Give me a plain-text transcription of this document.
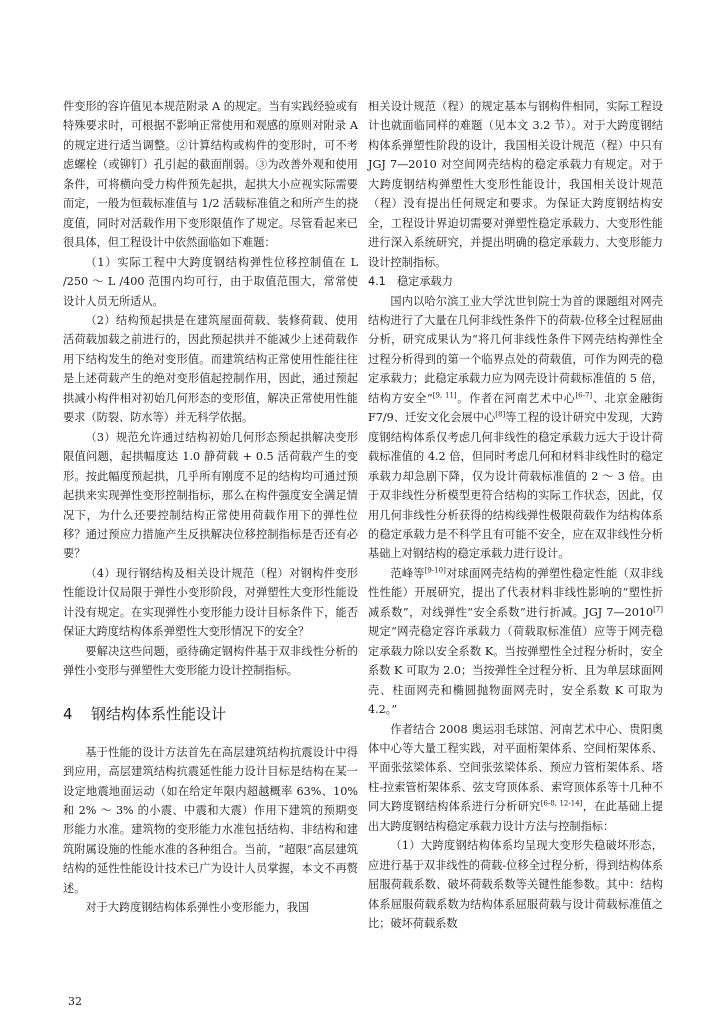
件变形的容许值见本规范附录 A 的规定。当有实践经验或有特殊要求时，可根据不影响正常使用和观感的原则对附录 A 的规定进行适当调整。②计算结构或构件的变形时，可不考虑螺栓（或铆钉）孔引起的截面削弱。③为改善外观和使用条件，可将横向受力构件预先起拱，起拱大小应视实际需要而定，一般为恒载标准值与 1/2 活载标准值之和所产生的挠度值，同时对活载作用下变形限值作了规定。尽管看起来已很具体，但工程设计中依然面临如下难题：

（1）实际工程中大跨度钢结构弹性位移控制值在 L /250 ～ L /400 范围内均可行，由于取值范围大，常常使设计人员无所适从。

（2）结构预起拱是在建筑屋面荷载、装修荷载、使用活荷载加载之前进行的，因此预起拱并不能减少上述荷载作用下结构发生的绝对变形值。而建筑结构正常使用性能往往是上述荷载产生的绝对变形值起控制作用，因此，通过预起拱减小构件相对初始几何形态的变形值，解决正常使用性能要求（防裂、防水等）并无科学依据。

（3）规范允许通过结构初始几何形态预起拱解决变形限值问题，起拱幅度达 1.0 静荷载 + 0.5 活荷载产生的变形。按此幅度预起拱，几乎所有刚度不足的结构均可通过预起拱来实现弹性变形控制指标，那么在构件强度安全满足情况下，为什么还要控制结构正常使用荷载作用下的弹性位移？通过预应力措施产生反拱解决位移控制指标是否还有必要？

（4）现行钢结构及相关设计规范（程）对钢构件变形性能设计仅局限于弹性小变形阶段，对弹塑性大变形性能设计没有规定。在实现弹性小变形能力设计目标条件下，能否保证大跨度结构体系弹塑性大变形情况下的安全？

要解决这些问题，亟待确定钢构件基于双非线性分析的弹性小变形与弹塑性大变形能力设计控制指标。

4 钢结构体系性能设计

基于性能的设计方法首先在高层建筑结构抗震设计中得到应用，高层建筑结构抗震延性能力设计目标是结构在某一设定地震地面运动（如在给定年限内超越概率 63%、10% 和 2% ～ 3% 的小震、中震和大震）作用下建筑的预期变形能力水准。建筑物的变形能力水准包括结构、非结构和建筑附属设施的性能水准的各种组合。当前，“超限”高层建筑结构的延性性能设计技术已广为设计人员掌握，本文不再赘述。

对于大跨度钢结构体系弹性小变形能力，我国

相关设计规范（程）的规定基本与钢构件相同，实际工程设计也就面临同样的难题（见本文 3.2 节）。对于大跨度钢结构体系弹塑性阶段的设计，我国相关设计规范（程）中只有 JGJ 7—2010 对空间网壳结构的稳定承载力有规定。对于大跨度钢结构弹塑性大变形性能设计，我国相关设计规范（程）没有提出任何规定和要求。为保证大跨度钢结构安全，工程设计界迫切需要对弹塑性稳定承载力、大变形性能进行深入系统研究，并提出明确的稳定承载力、大变形能力设计控制指标。

4.1　稳定承载力

国内以哈尔滨工业大学沈世钊院士为首的课题组对网壳结构进行了大量在几何非线性条件下的荷载-位移全过程屈曲分析，研究成果认为“将几何非线性条件下网壳结构弹性全过程分析得到的第一个临界点处的荷载值，可作为网壳的稳定承载力；此稳定承载力应为网壳设计荷载标准值的 5 倍，结构方安全”[9, 11]。作者在河南艺术中心[6-7]、北京金融街 F7/9、迁安文化会展中心[8]等工程的设计研究中发现，大跨度钢结构体系仅考虑几何非线性的稳定承载力远大于设计荷载标准值的 4.2 倍，但同时考虑几何和材料非线性时的稳定承载力却急剧下降，仅为设计荷载标准值的 2 ～ 3 倍。由于双非线性分析模型更符合结构的实际工作状态，因此，仅用几何非线性分析获得的结构线弹性极限荷载作为结构体系的稳定承载力是不科学且有可能不安全，应在双非线性分析基础上对钢结构的稳定承载力进行设计。

范峰等[9-10]对球面网壳结构的弹塑性稳定性能（双非线性性能）开展研究，提出了代表材料非线性影响的“塑性折减系数”，对线弹性“安全系数”进行折减。JGJ 7—2010[7]规定“网壳稳定容许承载力（荷载取标准值）应等于网壳稳定承载力除以安全系数 K。当按弹塑性全过程分析时，安全系数 K 可取为 2.0；当按弹性全过程分析、且为单层球面网壳、柱面网壳和椭圆抛物面网壳时，安全系数 K 可取为 4.2。”

作者结合 2008 奥运羽毛球馆、河南艺术中心、贵阳奥体中心等大量工程实践，对平面桁架体系、空间桁架体系、平面张弦梁体系、空间张弦梁体系、预应力管桁架体系、塔柱-拉索管桁架体系、弦支穹顶体系、索穹顶体系等十几种不同大跨度钢结构体系进行分析研究[6-8, 12-14]，在此基础上提出大跨度钢结构稳定承载力设计方法与控制指标：

（1）大跨度钢结构体系均呈现大变形失稳破坏形态，应进行基于双非线性的荷载-位移全过程分析，得到结构体系屈服荷载系数、破坏荷载系数等关键性能参数。其中：结构体系屈服荷载系数为结构体系屈服荷载与设计荷载标准值之比；破坏荷载系数

32
